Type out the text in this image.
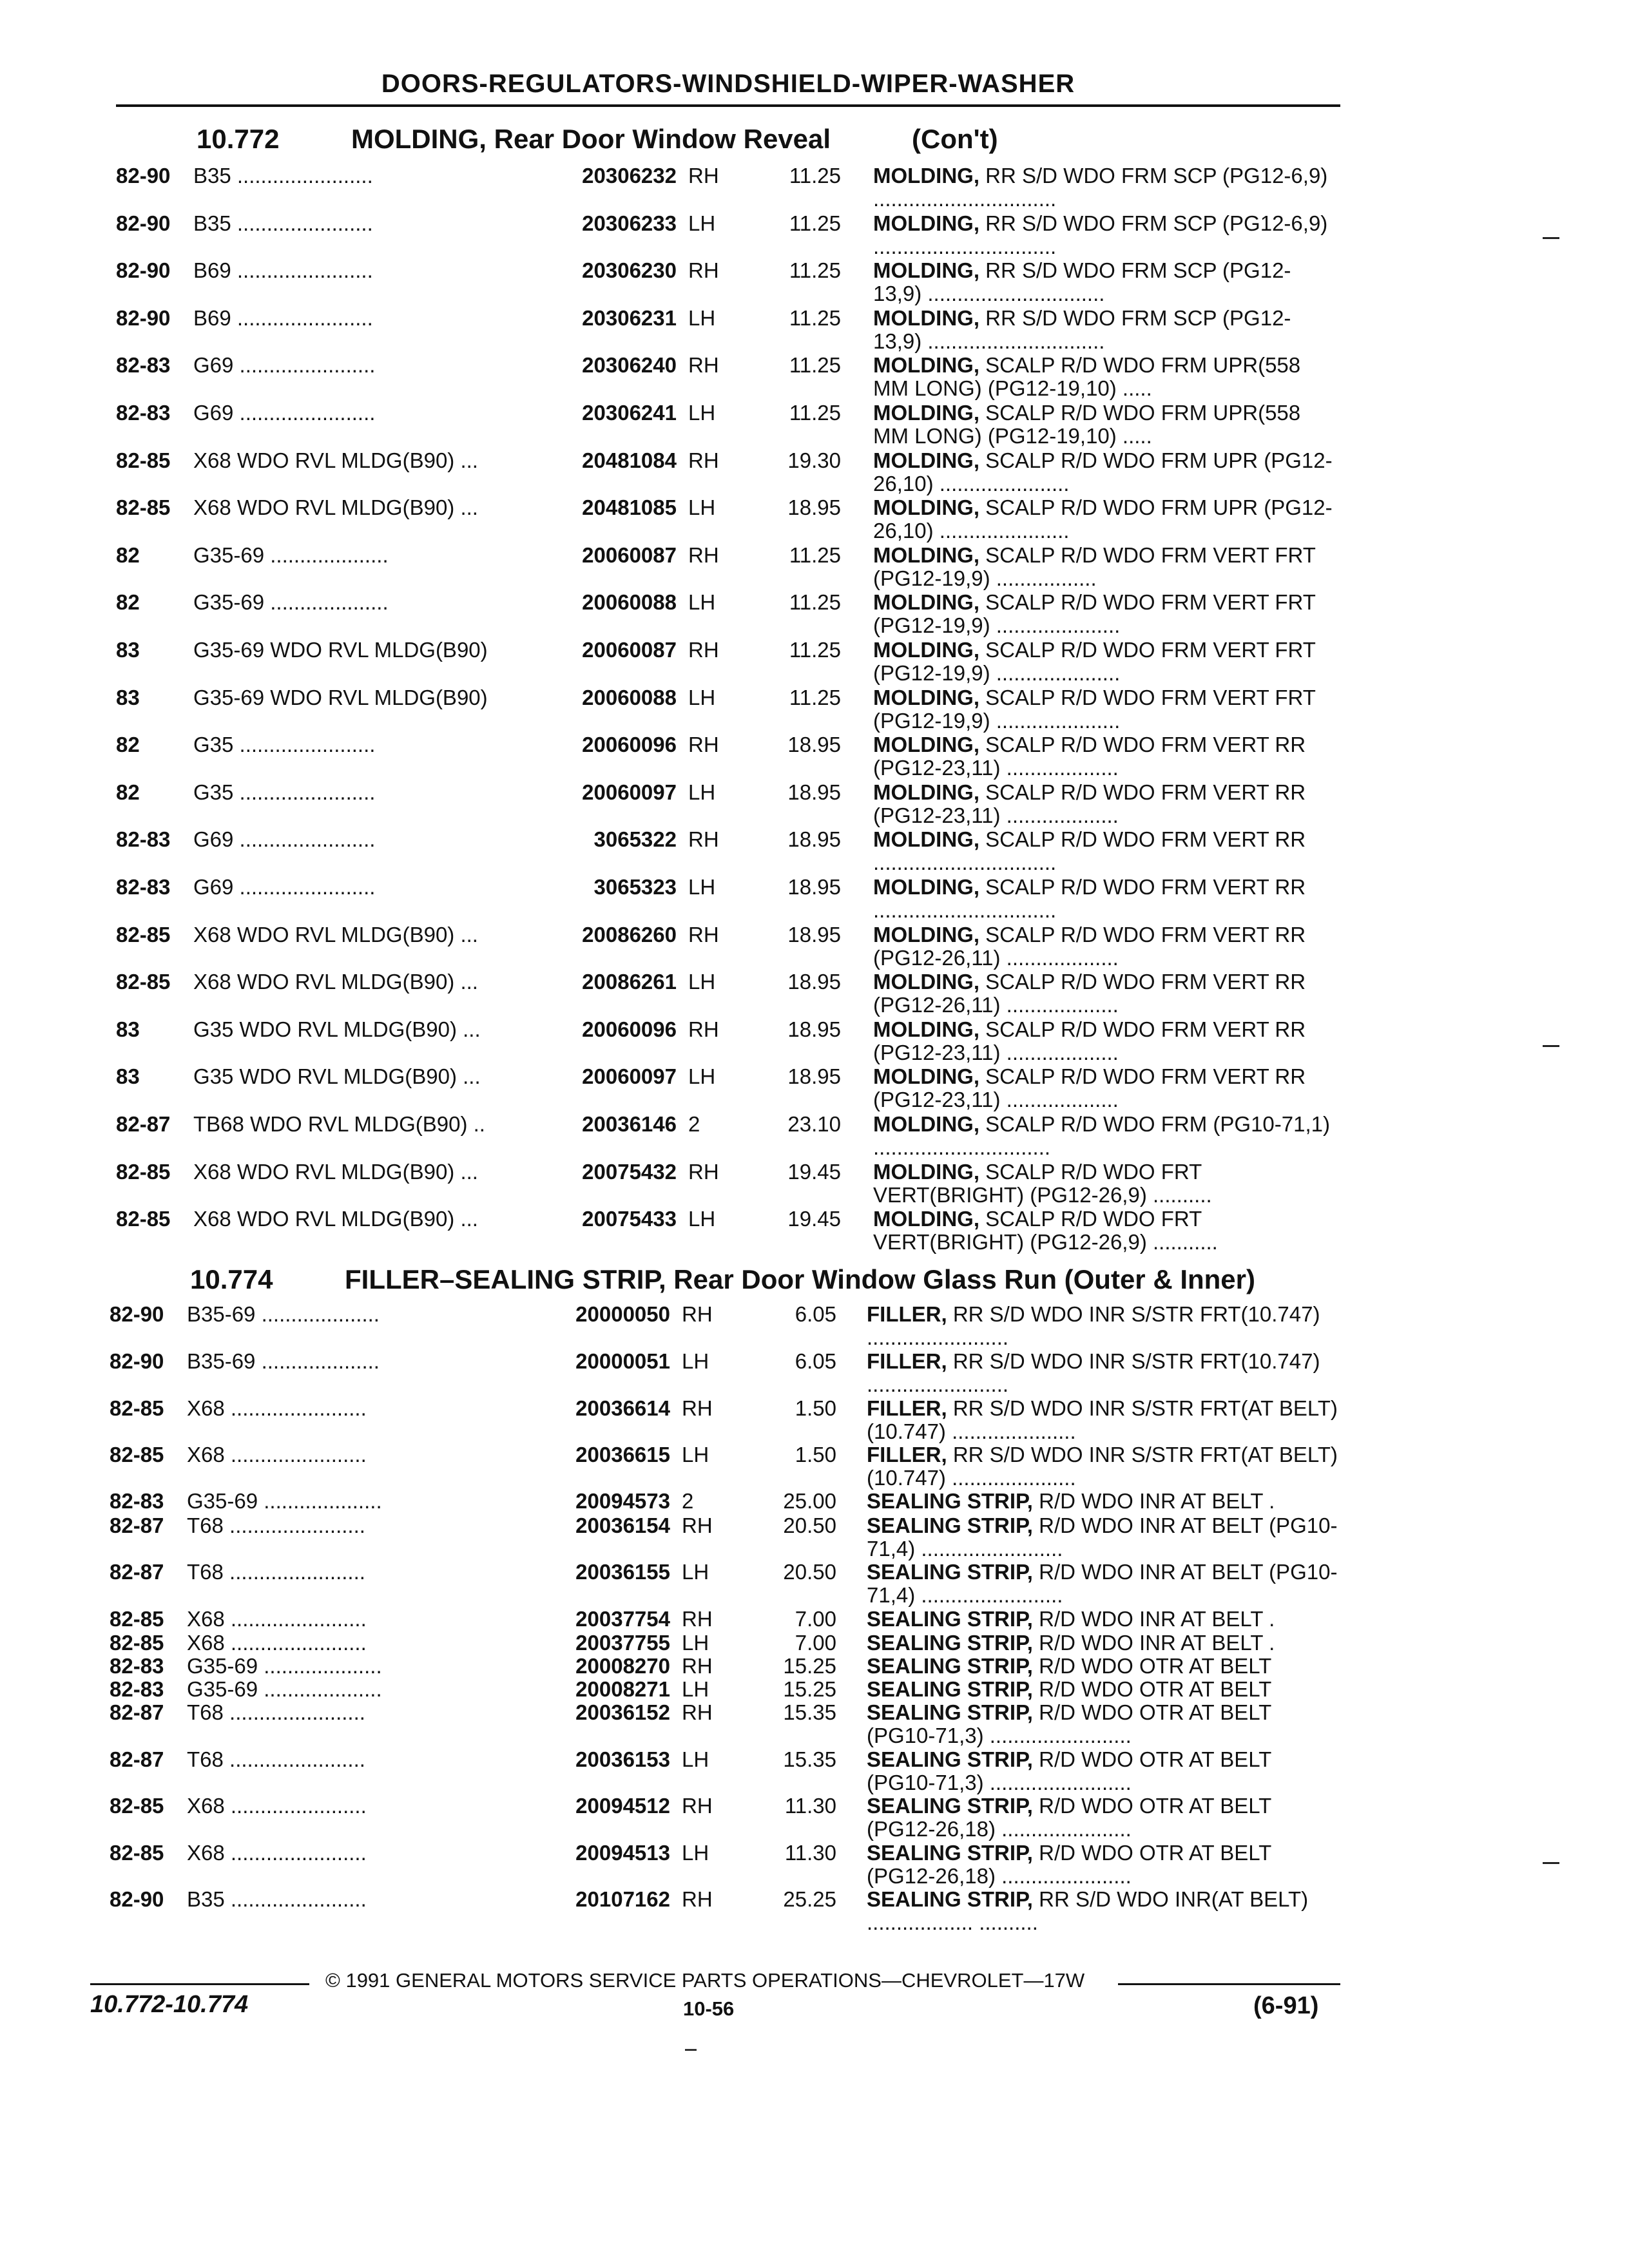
DOORS-REGULATORS-WINDSHIELD-WIPER-WASHER
10.772	MOLDING, Rear Door Window Reveal	(Con't)
82-90 B35 .......................	20306232 RH	11.25 MOLDING, RR S/D WDO FRM SCP (PG12-6,9) ...............................
82-90 B35 .......................	20306233 LH	11.25 MOLDING, RR S/D WDO FRM SCP (PG12-6,9) ...............................
82-90 B69 .......................	20306230 RH	11.25 MOLDING, RR S/D WDO FRM SCP (PG12-13,9) ..............................
82-90 B69 .......................	20306231 LH	11.25 MOLDING, RR S/D WDO FRM SCP (PG12-13,9) ..............................
82-83 G69 .......................	20306240 RH	11.25 MOLDING, SCALP R/D WDO FRM UPR(558 MM LONG) (PG12-19,10) .....
82-83 G69 .......................	20306241 LH	11.25 MOLDING, SCALP R/D WDO FRM UPR(558 MM LONG) (PG12-19,10) .....
82-85 X68 WDO RVL MLDG(B90) ...	20481084 RH	19.30 MOLDING, SCALP R/D WDO FRM UPR (PG12-26,10) ......................
82-85 X68 WDO RVL MLDG(B90) ...	20481085 LH	18.95 MOLDING, SCALP R/D WDO FRM UPR (PG12-26,10) ......................
82	G35-69 ....................	20060087 RH	11.25 MOLDING, SCALP R/D WDO FRM VERT FRT (PG12-19,9) .................
82	G35-69 ....................	20060088 LH	11.25 MOLDING, SCALP R/D WDO FRM VERT FRT (PG12-19,9) .....................
83	G35-69 WDO RVL MLDG(B90)	20060087 RH	11.25 MOLDING, SCALP R/D WDO FRM VERT FRT (PG12-19,9) .....................
83	G35-69 WDO RVL MLDG(B90)	20060088 LH	11.25 MOLDING, SCALP R/D WDO FRM VERT FRT (PG12-19,9) .....................
82	G35 .......................	20060096 RH	18.95 MOLDING, SCALP R/D WDO FRM VERT RR (PG12-23,11) ...................
82	G35 .......................	20060097 LH	18.95 MOLDING, SCALP R/D WDO FRM VERT RR (PG12-23,11) ...................
82-83 G69 .......................	3065322 RH	18.95 MOLDING, SCALP R/D WDO FRM VERT RR ...............................
82-83 G69 .......................	3065323 LH	18.95 MOLDING, SCALP R/D WDO FRM VERT RR ...............................
82-85 X68 WDO RVL MLDG(B90) ...	20086260 RH	18.95 MOLDING, SCALP R/D WDO FRM VERT RR (PG12-26,11) ...................
82-85 X68 WDO RVL MLDG(B90) ...	20086261 LH	18.95 MOLDING, SCALP R/D WDO FRM VERT RR (PG12-26,11) ...................
83	G35 WDO RVL MLDG(B90) ...	20060096 RH	18.95 MOLDING, SCALP R/D WDO FRM VERT RR (PG12-23,11) ...................
83	G35 WDO RVL MLDG(B90) ...	20060097 LH	18.95 MOLDING, SCALP R/D WDO FRM VERT RR (PG12-23,11) ...................
82-87 TB68 WDO RVL MLDG(B90) ..	20036146 2	23.10 MOLDING, SCALP R/D WDO FRM (PG10-71,1) ..............................
82-85 X68 WDO RVL MLDG(B90) ...	20075432 RH	19.45 MOLDING, SCALP R/D WDO FRT VERT(BRIGHT) (PG12-26,9) ..........
82-85 X68 WDO RVL MLDG(B90) ...	20075433 LH	19.45 MOLDING, SCALP R/D WDO FRT VERT(BRIGHT) (PG12-26,9) ...........
10.774	FILLER–SEALING STRIP, Rear Door Window Glass Run (Outer & Inner)
82-90 B35-69 ....................	20000050 RH	6.05 FILLER, RR S/D WDO INR S/STR FRT(10.747) ........................
82-90 B35-69 ....................	20000051 LH	6.05 FILLER, RR S/D WDO INR S/STR FRT(10.747) ........................
82-85 X68 .......................	20036614 RH	1.50 FILLER, RR S/D WDO INR S/STR FRT(AT BELT)(10.747) .....................
82-85 X68 .......................	20036615 LH	1.50 FILLER, RR S/D WDO INR S/STR FRT(AT BELT)(10.747) .....................
82-83 G35-69 ....................	20094573 2	25.00 SEALING STRIP, R/D WDO INR AT BELT .
82-87 T68 .......................	20036154 RH	20.50 SEALING STRIP, R/D WDO INR AT BELT (PG10-71,4) ........................
82-87 T68 .......................	20036155 LH	20.50 SEALING STRIP, R/D WDO INR AT BELT (PG10-71,4) ........................
82-85 X68 .......................	20037754 RH	7.00 SEALING STRIP, R/D WDO INR AT BELT .
82-85 X68 .......................	20037755 LH	7.00 SEALING STRIP, R/D WDO INR AT BELT .
82-83 G35-69 ....................	20008270 RH	15.25 SEALING STRIP, R/D WDO OTR AT BELT
82-83 G35-69 ....................	20008271 LH	15.25 SEALING STRIP, R/D WDO OTR AT BELT
82-87 T68 .......................	20036152 RH	15.35 SEALING STRIP, R/D WDO OTR AT BELT (PG10-71,3) ........................
82-87 T68 .......................	20036153 LH	15.35 SEALING STRIP, R/D WDO OTR AT BELT (PG10-71,3) ........................
82-85 X68 .......................	20094512 RH	11.30 SEALING STRIP, R/D WDO OTR AT BELT (PG12-26,18) ......................
82-85 X68 .......................	20094513 LH	11.30 SEALING STRIP, R/D WDO OTR AT BELT (PG12-26,18) ......................
82-90 B35 .......................	20107162 RH	25.25 SEALING STRIP, RR S/D WDO INR(AT BELT) .................. ..........
© 1991 GENERAL MOTORS SERVICE PARTS OPERATIONS—CHEVROLET—17W
10.772-10.774	10-56	(6-91)
